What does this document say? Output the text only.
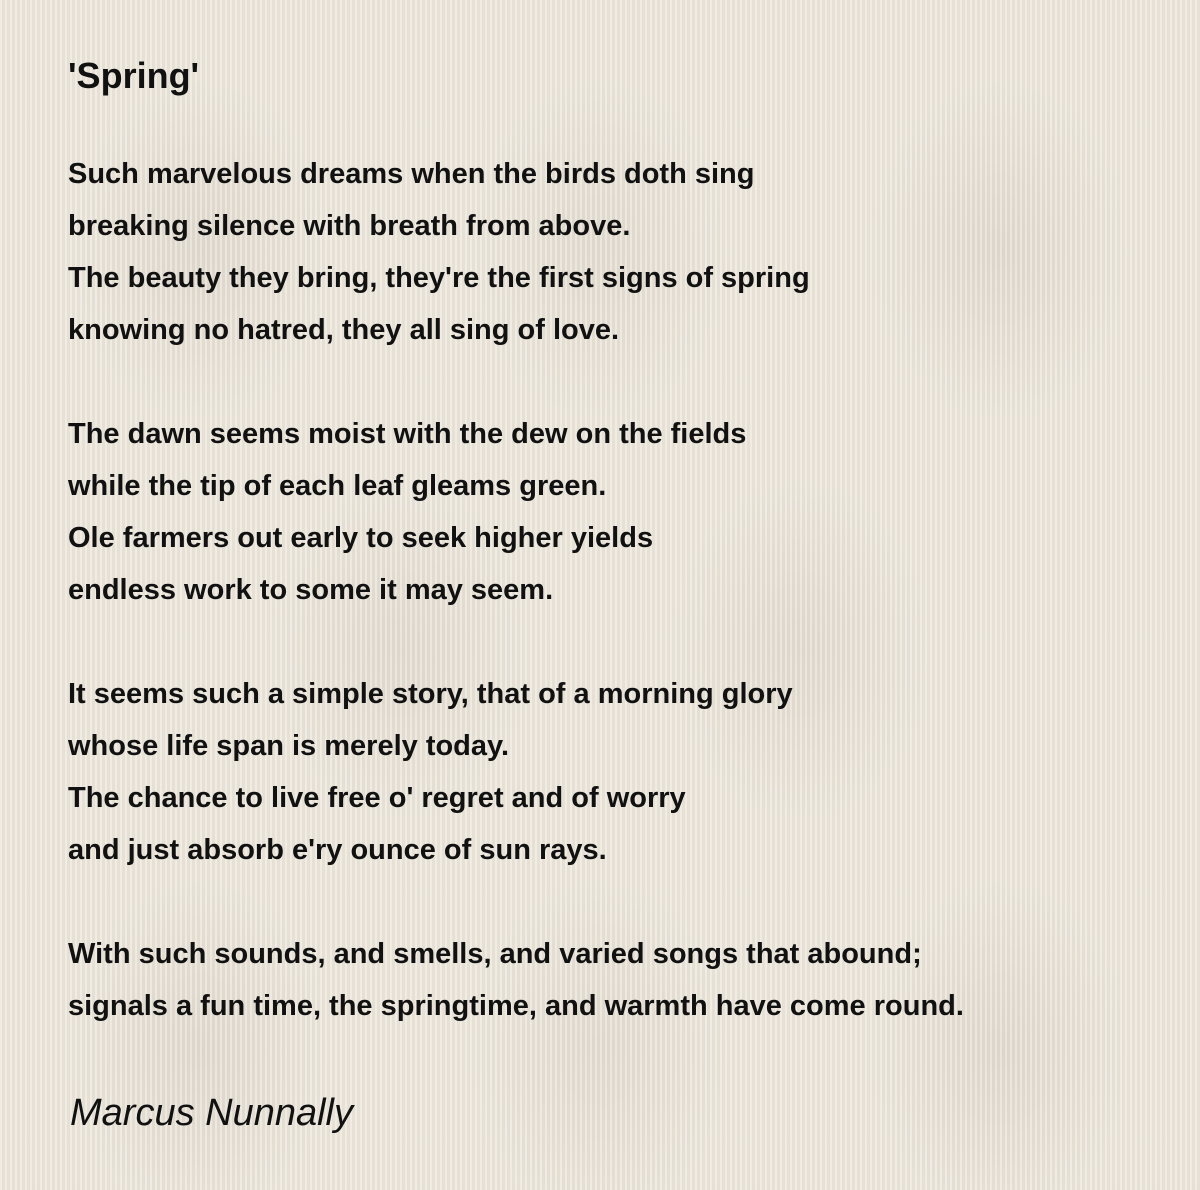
'Spring'

Such marvelous dreams when the birds doth sing
breaking silence with breath from above.
The beauty they bring, they're the first signs of spring
knowing no hatred, they all sing of love.

The dawn seems moist with the dew on the fields
while the tip of each leaf gleams green.
Ole farmers out early to seek higher yields
endless work to some it may seem.

It seems such a simple story, that of a morning glory
whose life span is merely today.
The chance to live free o' regret and of worry
and just absorb e'ry ounce of sun rays.

With such sounds, and smells, and varied songs that abound;
signals a fun time, the springtime, and warmth have come round.

Marcus Nunnally
